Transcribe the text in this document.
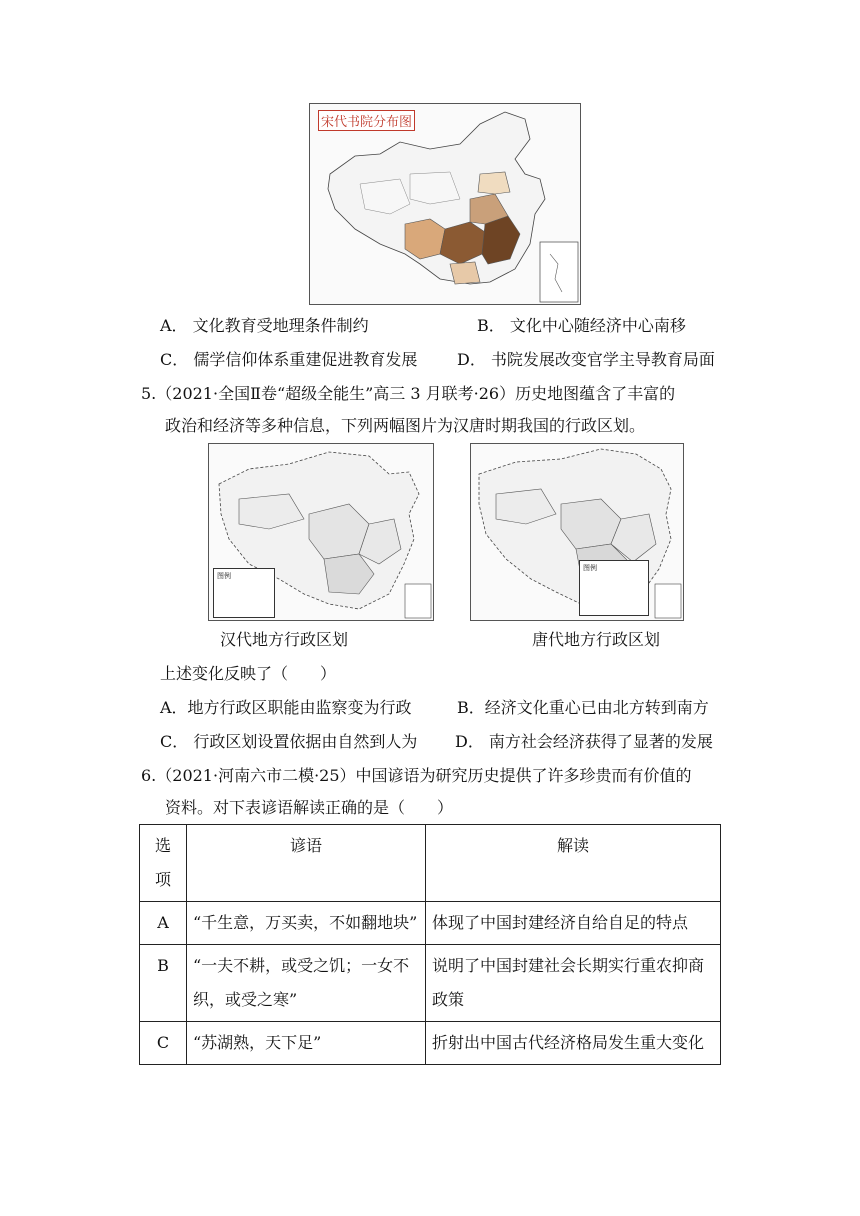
宋代书院分布图
A． 文化教育受地理条件制约	B． 文化中心随经济中心南移
C． 儒学信仰体系重建促进教育发展 D． 书院发展改变官学主导教育局面
5.（2021·全国Ⅱ卷“超级全能生”高三 3 月联考·26）历史地图蕴含了丰富的
政治和经济等多种信息，下列两幅图片为汉唐时期我国的行政区划。
图例
图例
汉代地方行政区划	唐代地方行政区划
上述变化反映了（　　）
A．地方行政区职能由监察变为行政	B．经济文化重心已由北方转到南方
C． 行政区划设置依据由自然到人为 D． 南方社会经济获得了显著的发展
6.（2021·河南六市二模·25）中国谚语为研究历史提供了许多珍贵而有价值的
资料。对下表谚语解读正确的是（　　）
选项	谚语	解读
A	“千生意，万买卖，不如翻地块”	体现了中国封建经济自给自足的特点
B	“一夫不耕，或受之饥；一女不织，或受之寒”	说明了中国封建社会长期实行重农抑商政策
C	“苏湖熟，天下足”	折射出中国古代经济格局发生重大变化
